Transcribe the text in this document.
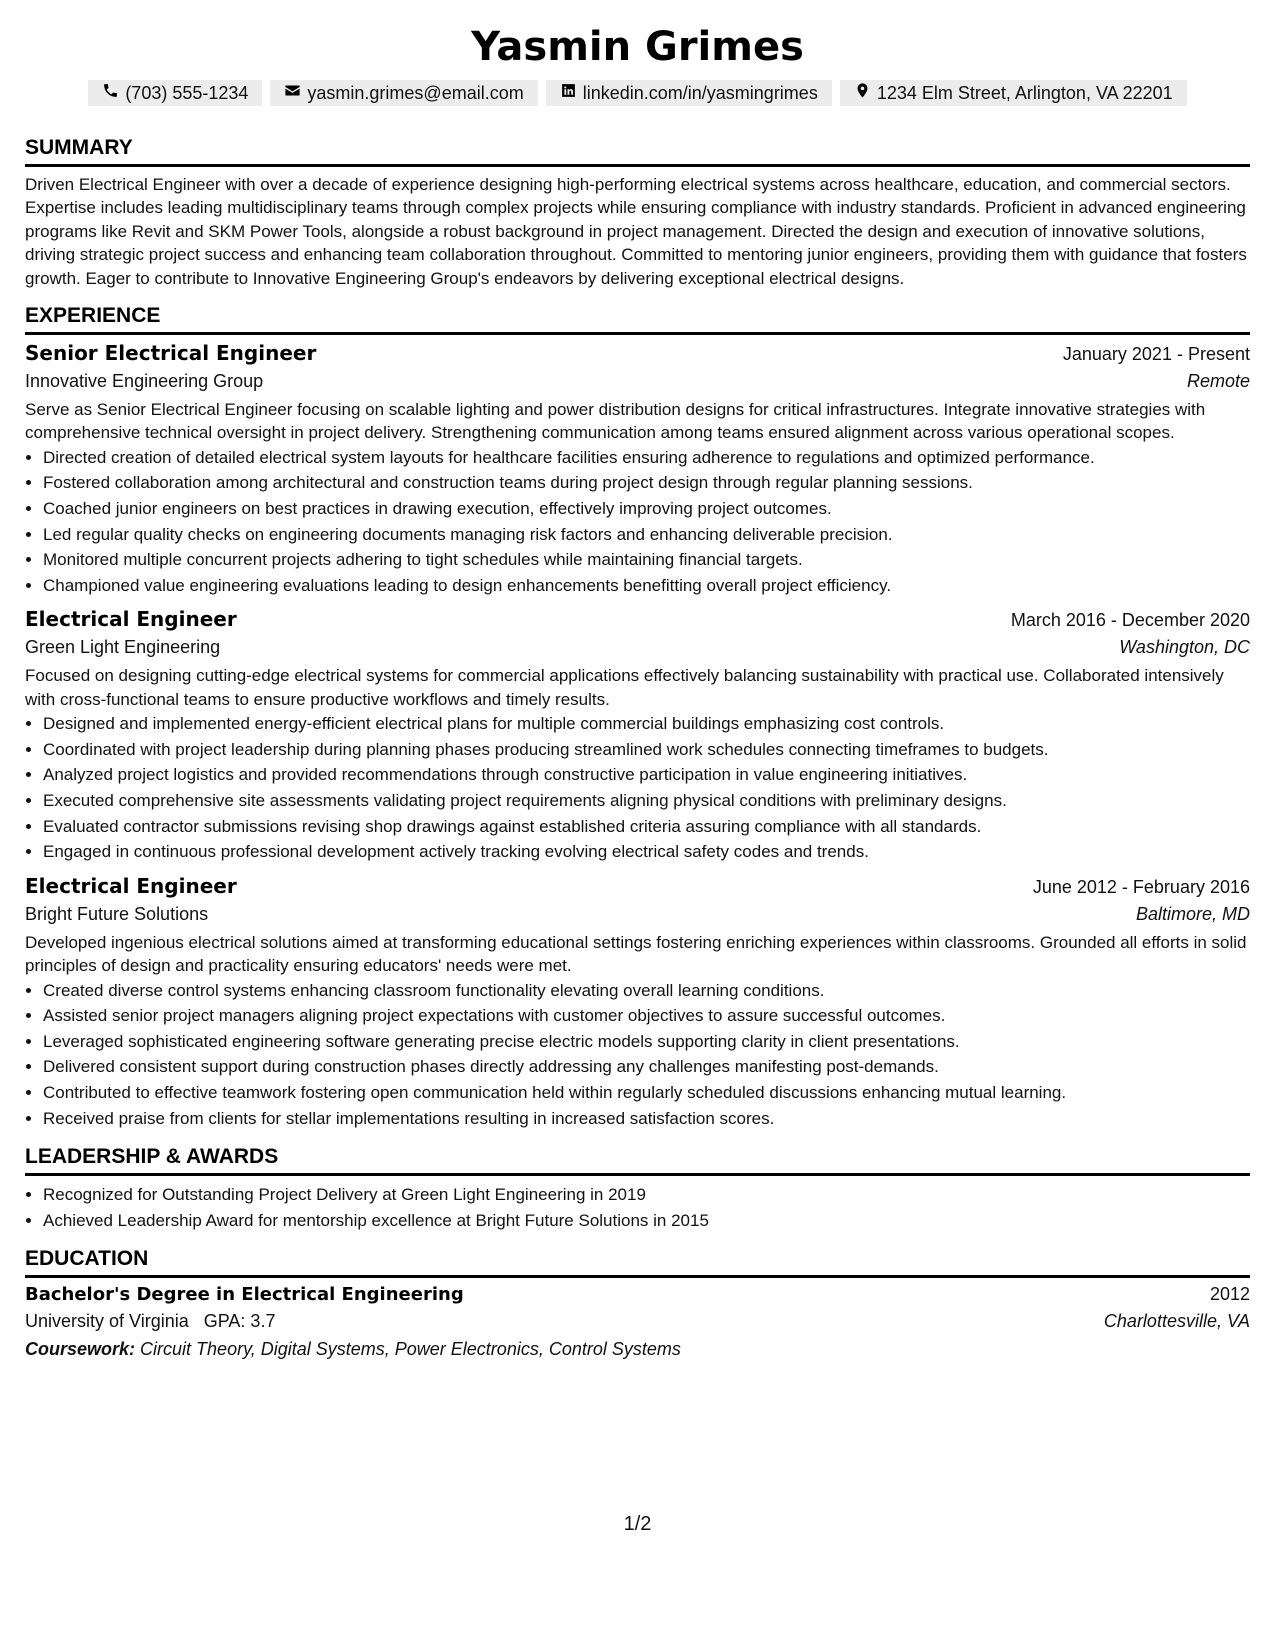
Yasmin Grimes
(703) 555-1234	yasmin.grimes@email.com	linkedin.com/in/yasmingrimes	1234 Elm Street, Arlington, VA 22201
SUMMARY

Driven Electrical Engineer with over a decade of experience designing high-performing electrical systems across healthcare, education, and commercial sectors. Expertise includes leading multidisciplinary teams through complex projects while ensuring compliance with industry standards. Proficient in advanced engineering programs like Revit and SKM Power Tools, alongside a robust background in project management. Directed the design and execution of innovative solutions, driving strategic project success and enhancing team collaboration throughout. Committed to mentoring junior engineers, providing them with guidance that fosters growth. Eager to contribute to Innovative Engineering Group's endeavors by delivering exceptional electrical designs.

EXPERIENCE
Senior Electrical Engineer	January 2021 - Present
Innovative Engineering Group	Remote
Serve as Senior Electrical Engineer focusing on scalable lighting and power distribution designs for critical infrastructures. Integrate innovative strategies with comprehensive technical oversight in project delivery. Strengthening communication among teams ensured alignment across various operational scopes.
• Directed creation of detailed electrical system layouts for healthcare facilities ensuring adherence to regulations and optimized performance.
• Fostered collaboration among architectural and construction teams during project design through regular planning sessions.
• Coached junior engineers on best practices in drawing execution, effectively improving project outcomes.
• Led regular quality checks on engineering documents managing risk factors and enhancing deliverable precision.
• Monitored multiple concurrent projects adhering to tight schedules while maintaining financial targets.
• Championed value engineering evaluations leading to design enhancements benefitting overall project efficiency.
Electrical Engineer	March 2016 - December 2020
Green Light Engineering	Washington, DC
Focused on designing cutting-edge electrical systems for commercial applications effectively balancing sustainability with practical use. Collaborated intensively with cross-functional teams to ensure productive workflows and timely results.
• Designed and implemented energy-efficient electrical plans for multiple commercial buildings emphasizing cost controls.
• Coordinated with project leadership during planning phases producing streamlined work schedules connecting timeframes to budgets.
• Analyzed project logistics and provided recommendations through constructive participation in value engineering initiatives.
• Executed comprehensive site assessments validating project requirements aligning physical conditions with preliminary designs.
• Evaluated contractor submissions revising shop drawings against established criteria assuring compliance with all standards.
• Engaged in continuous professional development actively tracking evolving electrical safety codes and trends.
Electrical Engineer	June 2012 - February 2016
Bright Future Solutions	Baltimore, MD
Developed ingenious electrical solutions aimed at transforming educational settings fostering enriching experiences within classrooms. Grounded all efforts in solid principles of design and practicality ensuring educators' needs were met.
• Created diverse control systems enhancing classroom functionality elevating overall learning conditions.
• Assisted senior project managers aligning project expectations with customer objectives to assure successful outcomes.
• Leveraged sophisticated engineering software generating precise electric models supporting clarity in client presentations.
• Delivered consistent support during construction phases directly addressing any challenges manifesting post-demands.
• Contributed to effective teamwork fostering open communication held within regularly scheduled discussions enhancing mutual learning.
• Received praise from clients for stellar implementations resulting in increased satisfaction scores.
LEADERSHIP & AWARDS
• Recognized for Outstanding Project Delivery at Green Light Engineering in 2019
• Achieved Leadership Award for mentorship excellence at Bright Future Solutions in 2015
EDUCATION
Bachelor's Degree in Electrical Engineering	2012
University of Virginia GPA: 3.7	Charlottesville, VA
Coursework: Circuit Theory, Digital Systems, Power Electronics, Control Systems
1/2
